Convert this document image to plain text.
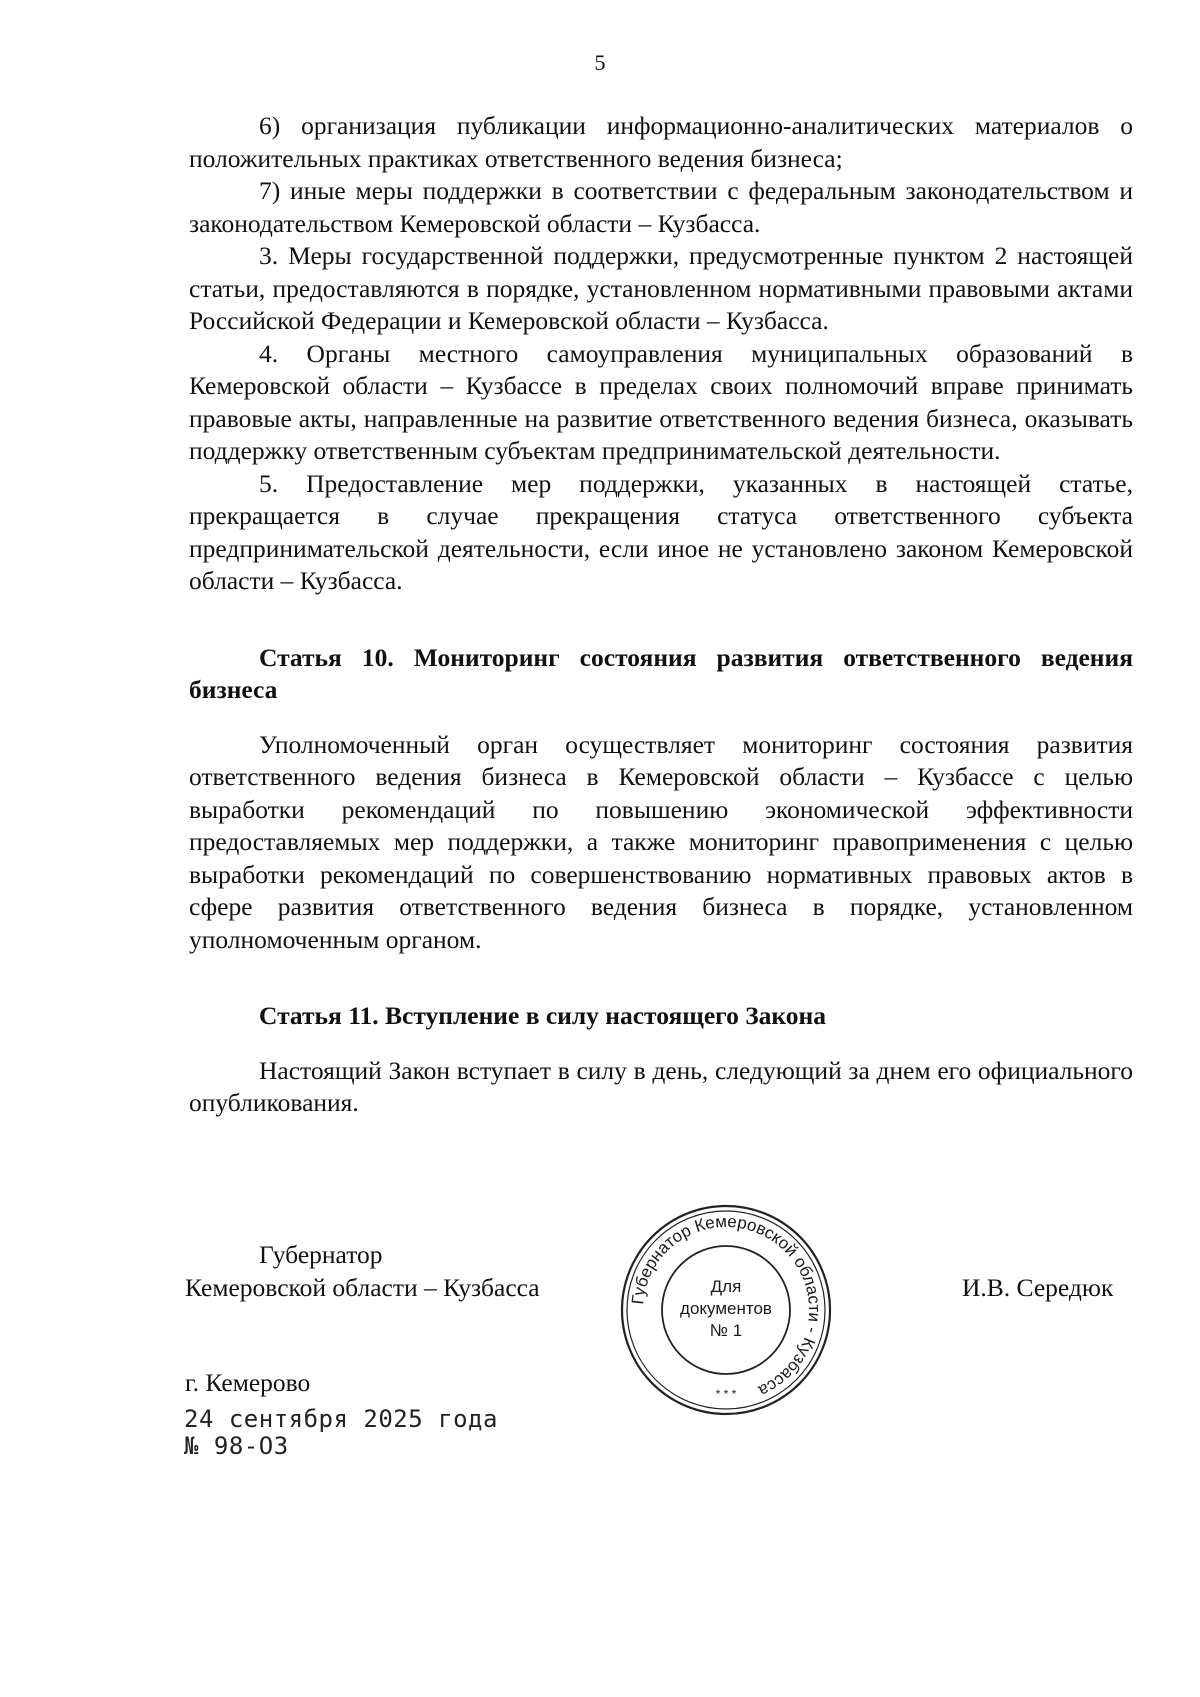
5

6) организация публикации информационно-аналитических материалов о положительных практиках ответственного ведения бизнеса;

7) иные меры поддержки в соответствии с федеральным законодательством и законодательством Кемеровской области – Кузбасса.

3. Меры государственной поддержки, предусмотренные пунктом 2 настоящей статьи, предоставляются в порядке, установленном нормативными правовыми актами Российской Федерации и Кемеровской области – Кузбасса.

4. Органы местного самоуправления муниципальных образований в Кемеровской области – Кузбассе в пределах своих полномочий вправе принимать правовые акты, направленные на развитие ответственного ведения бизнеса, оказывать поддержку ответственным субъектам предпринимательской деятельности.

5. Предоставление мер поддержки, указанных в настоящей статье, прекращается в случае прекращения статуса ответственного субъекта предпринимательской деятельности, если иное не установлено законом Кемеровской области – Кузбасса.

Статья 10. Мониторинг состояния развития ответственного ведения бизнеса

Уполномоченный орган осуществляет мониторинг состояния развития ответственного ведения бизнеса в Кемеровской области – Кузбассе с целью выработки рекомендаций по повышению экономической эффективности предоставляемых мер поддержки, а также мониторинг правоприменения с целью выработки рекомендаций по совершенствованию нормативных правовых актов в сфере развития ответственного ведения бизнеса в порядке, установленном уполномоченным органом.

Статья 11. Вступление в силу настоящего Закона

Настоящий Закон вступает в силу в день, следующий за днем его официального опубликования.

Губернатор
Кемеровской области – Кузбасса	И.В. Середюк
Губернатор Кемеровской области - Кузбасса
Для
документов
№ 1
* * *
г. Кемерово
24 сентября 2025 года
№ 98-ОЗ
